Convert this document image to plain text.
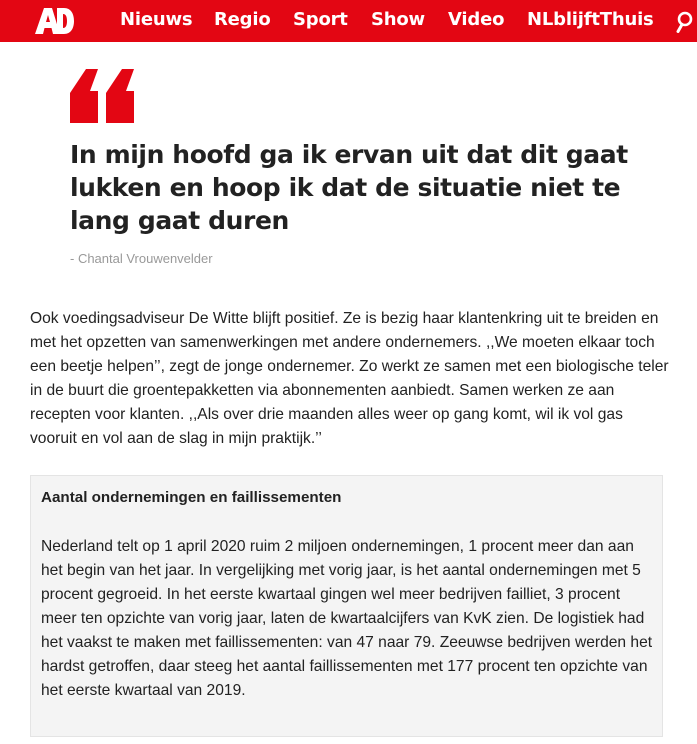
Nieuws Regio Sport Show Video NLblijftThuis
In mijn hoofd ga ik ervan uit dat dit gaat lukken en hoop ik dat de situatie niet te lang gaat duren
- Chantal Vrouwenvelder
Ook voedingsadviseur De Witte blijft positief. Ze is bezig haar klantenkring uit te breiden en met het opzetten van samenwerkingen met andere ondernemers. ,,We moeten elkaar toch een beetje helpen’’, zegt de jonge ondernemer. Zo werkt ze samen met een biologische teler in de buurt die groentepakketten via abonnementen aanbiedt. Samen werken ze aan recepten voor klanten. ,,Als over drie maanden alles weer op gang komt, wil ik vol gas vooruit en vol aan de slag in mijn praktijk.’’
Aantal ondernemingen en faillissementen
Nederland telt op 1 april 2020 ruim 2 miljoen ondernemingen, 1 procent meer dan aan het begin van het jaar. In vergelijking met vorig jaar, is het aantal ondernemingen met 5 procent gegroeid. In het eerste kwartaal gingen wel meer bedrijven failliet, 3 procent meer ten opzichte van vorig jaar, laten de kwartaalcijfers van KvK zien. De logistiek had het vaakst te maken met faillissementen: van 47 naar 79. Zeeuwse bedrijven werden het hardst getroffen, daar steeg het aantal faillissementen met 177 procent ten opzichte van het eerste kwartaal van 2019.
